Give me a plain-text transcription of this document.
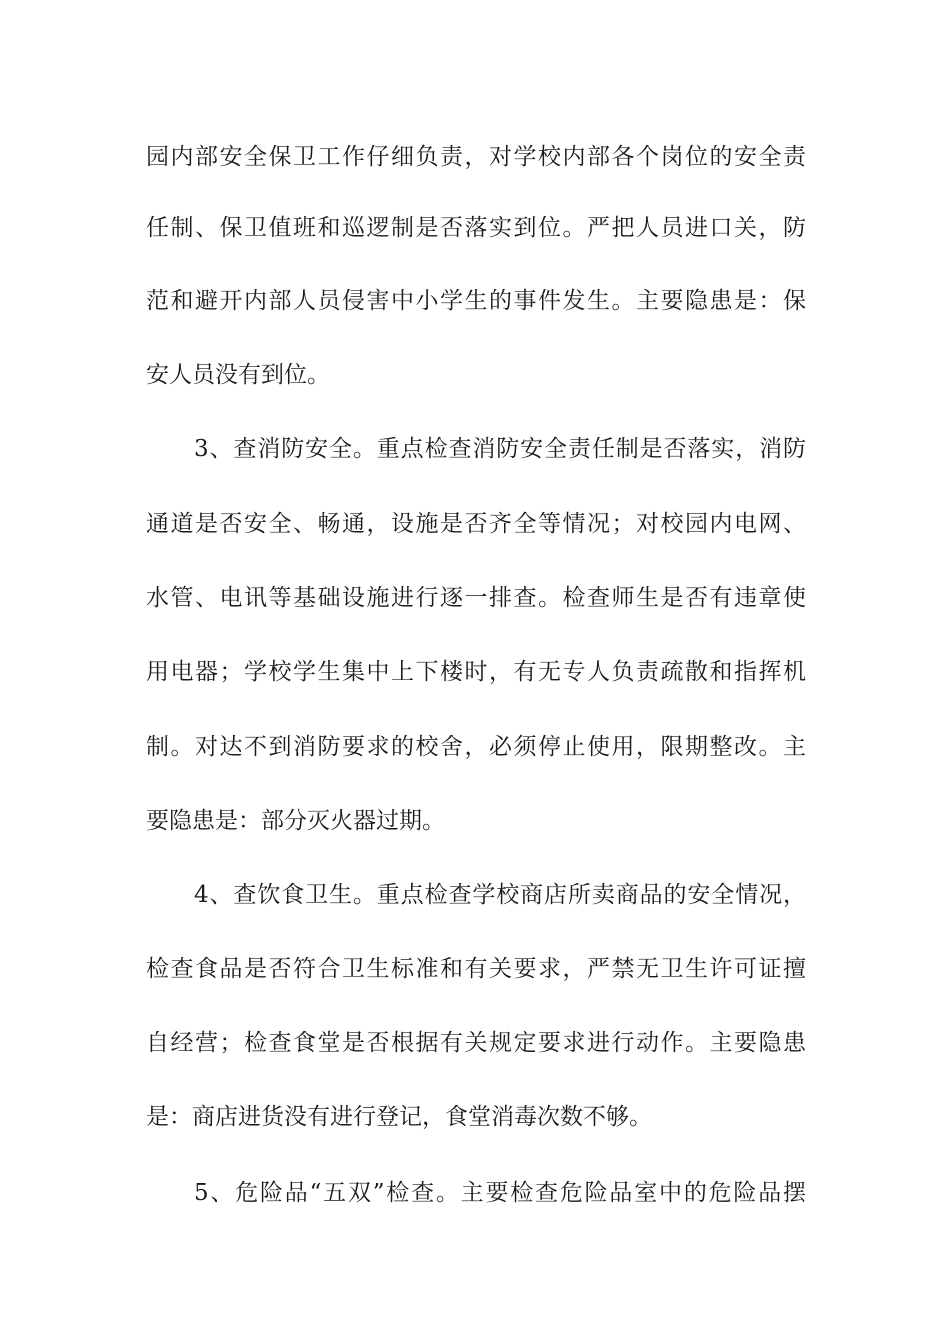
园内部安全保卫工作仔细负责，对学校内部各个岗位的安全责
任制、保卫值班和巡逻制是否落实到位。严把人员进口关，防
范和避开内部人员侵害中小学生的事件发生。主要隐患是：保
安人员没有到位。
3、查消防安全。重点检查消防安全责任制是否落实，消防
通道是否安全、畅通，设施是否齐全等情况；对校园内电网、
水管、电讯等基础设施进行逐一排查。检查师生是否有违章使
用电器；学校学生集中上下楼时，有无专人负责疏散和指挥机
制。对达不到消防要求的校舍，必须停止使用，限期整改。主
要隐患是：部分灭火器过期。
4、查饮食卫生。重点检查学校商店所卖商品的安全情况，
检查食品是否符合卫生标准和有关要求，严禁无卫生许可证擅
自经营；检查食堂是否根据有关规定要求进行动作。主要隐患
是：商店进货没有进行登记，食堂消毒次数不够。
5、危险品“五双”检查。主要检查危险品室中的危险品摆
